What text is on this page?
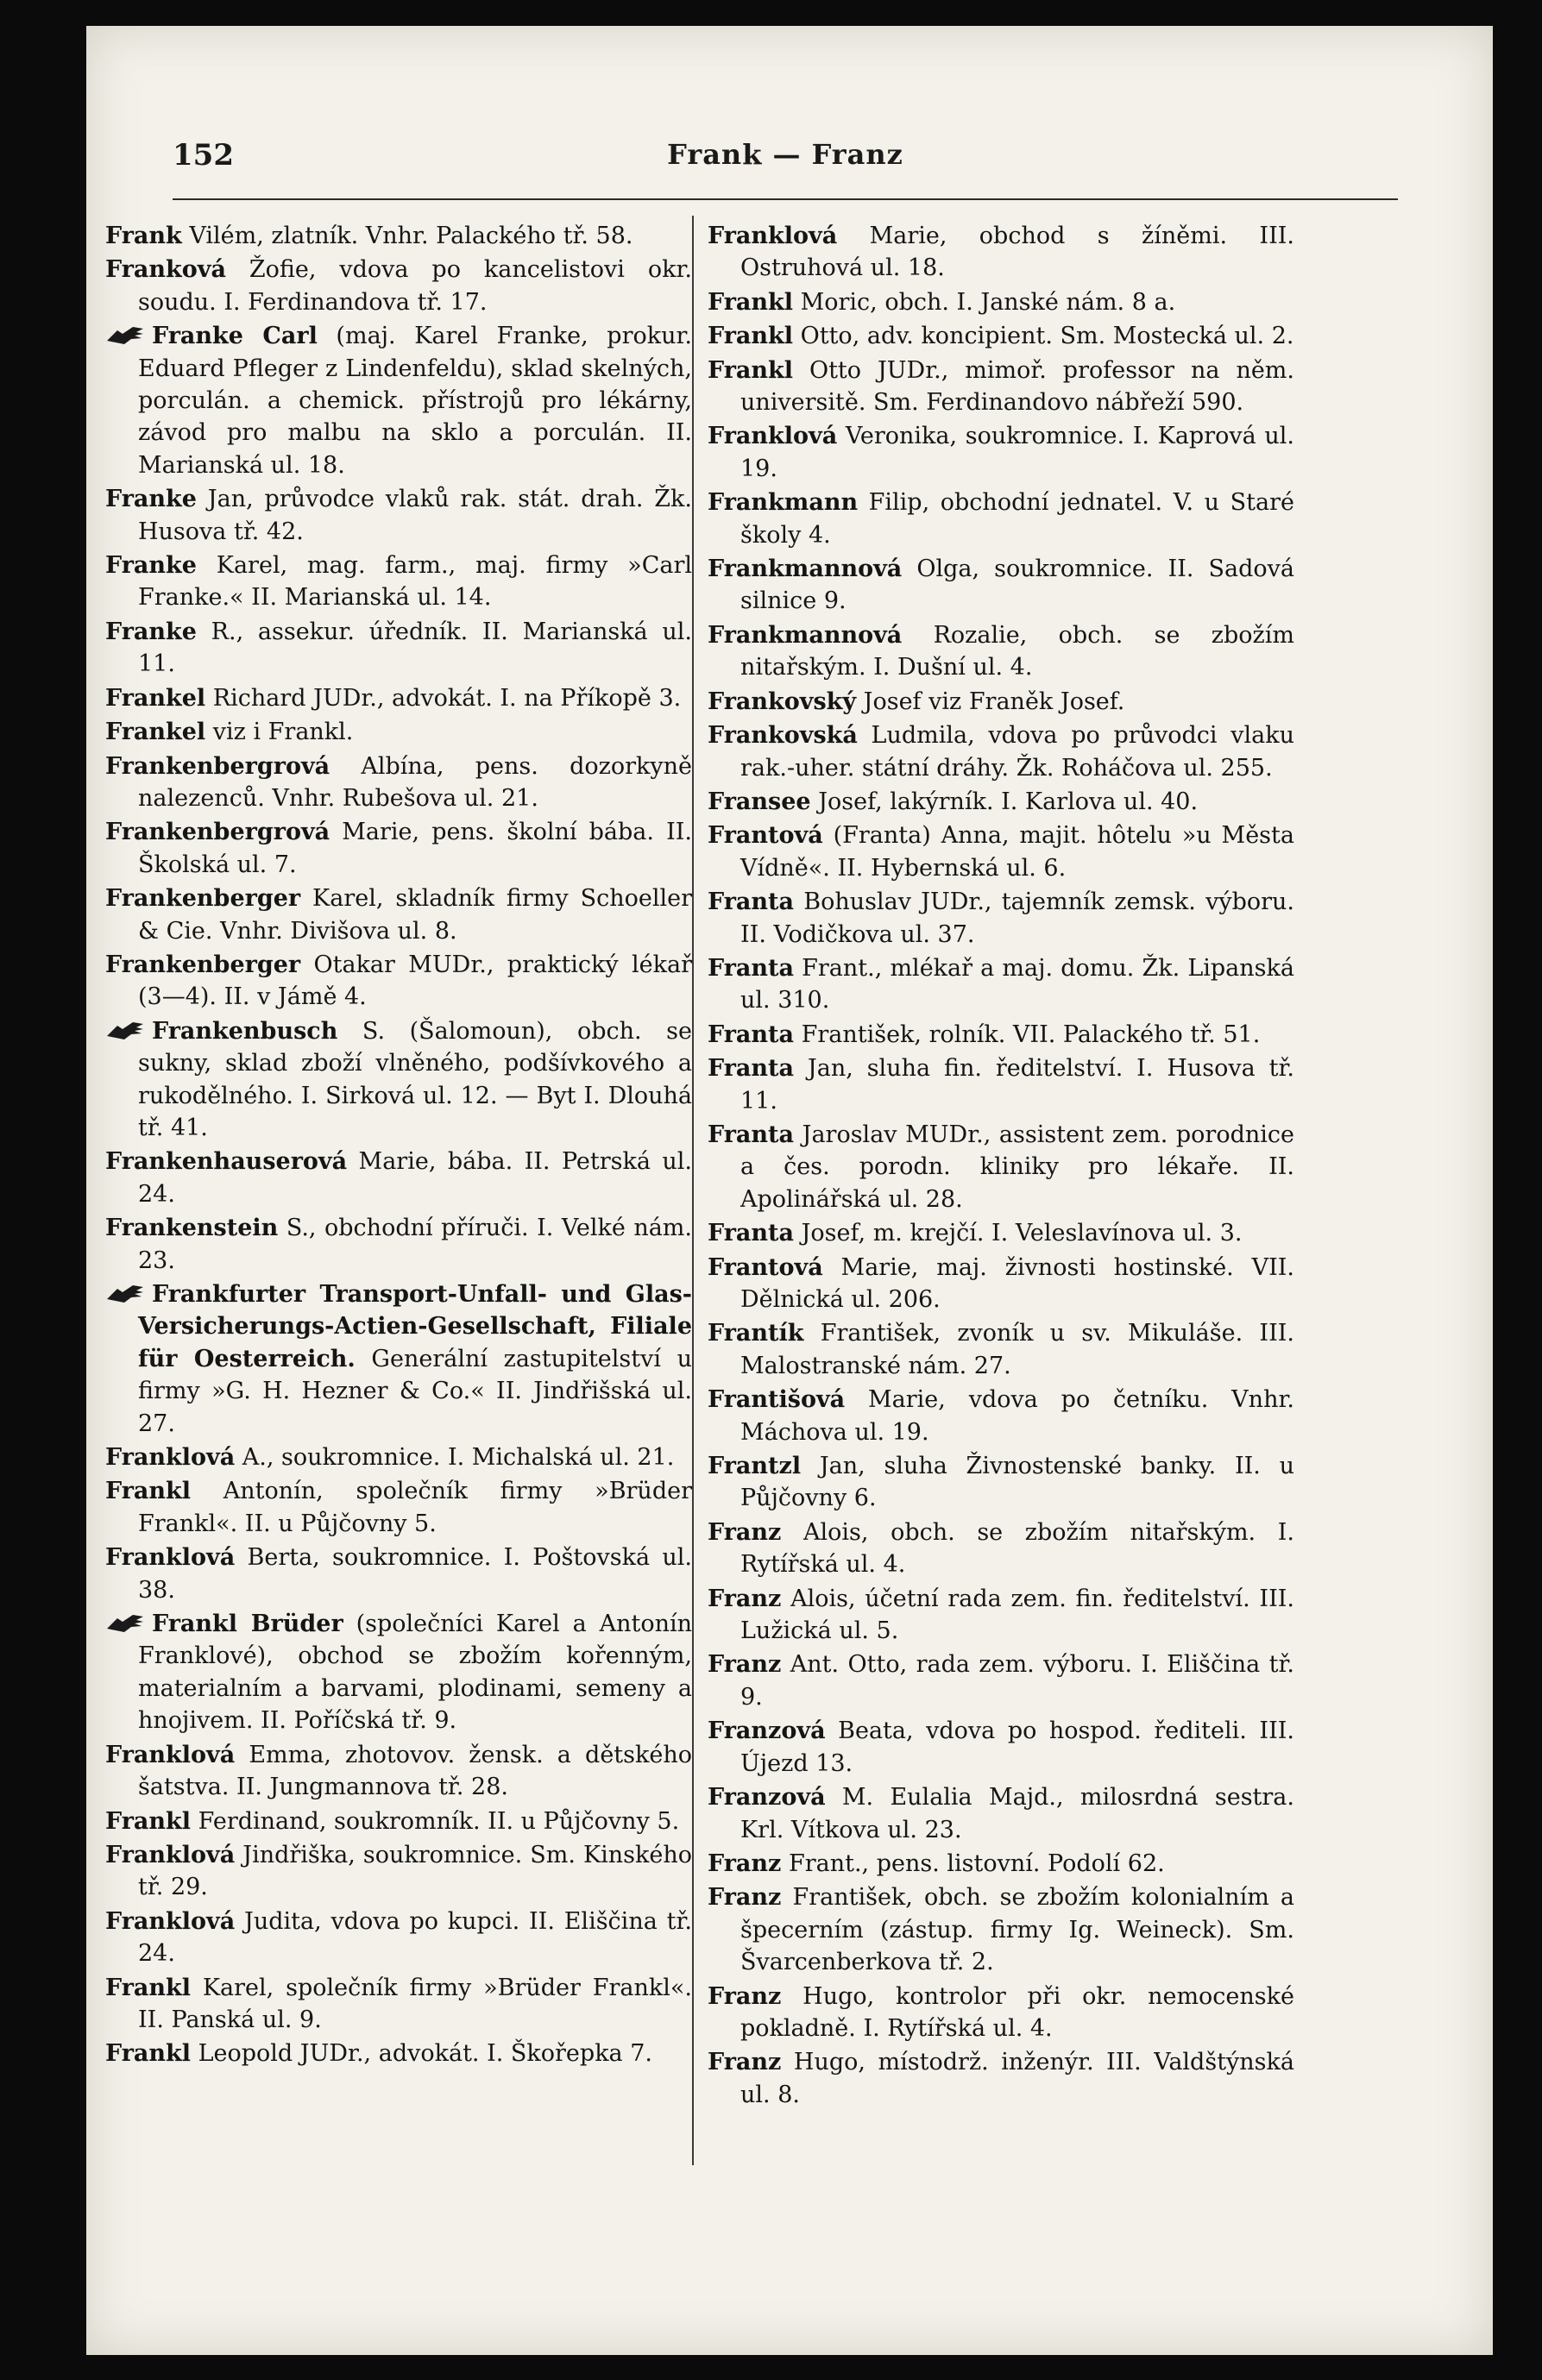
152	Frank — Franz

Frank Vilém, zlatník. Vnhr. Palackého tř. 58.

Franková Žofie, vdova po kancelistovi okr. soudu. I. Ferdinandova tř. 17.

Franke Carl (maj. Karel Franke, prokur. Eduard Pfleger z Lindenfeldu), sklad skelných, porculán. a chemick. přístrojů pro lékárny, závod pro malbu na sklo a porculán. II. Marianská ul. 18.

Franke Jan, průvodce vlaků rak. stát. drah. Žk. Husova tř. 42.

Franke Karel, mag. farm., maj. firmy »Carl Franke.« II. Marianská ul. 14.

Franke R., assekur. úředník. II. Marianská ul. 11.

Frankel Richard JUDr., advokát. I. na Příkopě 3.

Frankel viz i Frankl.

Frankenbergrová Albína, pens. dozorkyně nalezenců. Vnhr. Rubešova ul. 21.

Frankenbergrová Marie, pens. školní bába. II. Školská ul. 7.

Frankenberger Karel, skladník firmy Schoeller & Cie. Vnhr. Divišova ul. 8.

Frankenberger Otakar MUDr., praktický lékař (3—4). II. v Jámě 4.

Frankenbusch S. (Šalomoun), obch. se sukny, sklad zboží vlněného, podšívkového a rukodělného. I. Sirková ul. 12. — Byt I. Dlouhá tř. 41.

Frankenhauserová Marie, bába. II. Petrská ul. 24.

Frankenstein S., obchodní příruči. I. Velké nám. 23.

Frankfurter Transport-Unfall- und Glas-Versicherungs-Actien-Gesellschaft, Filiale für Oesterreich. Generální zastupitelství u firmy »G. H. Hezner & Co.« II. Jindřišská ul. 27.

Franklová A., soukromnice. I. Michalská ul. 21.

Frankl Antonín, společník firmy »Brüder Frankl«. II. u Půjčovny 5.

Franklová Berta, soukromnice. I. Poštovská ul. 38.

Frankl Brüder (společníci Karel a Antonín Franklové), obchod se zbožím kořenným, materialním a barvami, plodinami, semeny a hnojivem. II. Poříčská tř. 9.

Franklová Emma, zhotovov. žensk. a dětského šatstva. II. Jungmannova tř. 28.

Frankl Ferdinand, soukromník. II. u Půjčovny 5.

Franklová Jindřiška, soukromnice. Sm. Kinského tř. 29.

Franklová Judita, vdova po kupci. II. Eliščina tř. 24.

Frankl Karel, společník firmy »Brüder Frankl«. II. Panská ul. 9.

Frankl Leopold JUDr., advokát. I. Škořepka 7.

Franklová Marie, obchod s žíněmi. III. Ostruhová ul. 18.

Frankl Moric, obch. I. Janské nám. 8 a.

Frankl Otto, adv. koncipient. Sm. Mostecká ul. 2.

Frankl Otto JUDr., mimoř. professor na něm. universitě. Sm. Ferdinandovo nábřeží 590.

Franklová Veronika, soukromnice. I. Kaprová ul. 19.

Frankmann Filip, obchodní jednatel. V. u Staré školy 4.

Frankmannová Olga, soukromnice. II. Sadová silnice 9.

Frankmannová Rozalie, obch. se zbožím nitařským. I. Dušní ul. 4.

Frankovský Josef viz Franěk Josef.

Frankovská Ludmila, vdova po průvodci vlaku rak.-uher. státní dráhy. Žk. Roháčova ul. 255.

Fransee Josef, lakýrník. I. Karlova ul. 40.

Frantová (Franta) Anna, majit. hôtelu »u Města Vídně«. II. Hybernská ul. 6.

Franta Bohuslav JUDr., tajemník zemsk. výboru. II. Vodičkova ul. 37.

Franta Frant., mlékař a maj. domu. Žk. Lipanská ul. 310.

Franta František, rolník. VII. Palackého tř. 51.

Franta Jan, sluha fin. ředitelství. I. Husova tř. 11.

Franta Jaroslav MUDr., assistent zem. porodnice a čes. porodn. kliniky pro lékaře. II. Apolinářská ul. 28.

Franta Josef, m. krejčí. I. Veleslavínova ul. 3.

Frantová Marie, maj. živnosti hostinské. VII. Dělnická ul. 206.

Frantík František, zvoník u sv. Mikuláše. III. Malostranské nám. 27.

Františová Marie, vdova po četníku. Vnhr. Máchova ul. 19.

Frantzl Jan, sluha Živnostenské banky. II. u Půjčovny 6.

Franz Alois, obch. se zbožím nitařským. I. Rytířská ul. 4.

Franz Alois, účetní rada zem. fin. ředitelství. III. Lužická ul. 5.

Franz Ant. Otto, rada zem. výboru. I. Eliščina tř. 9.

Franzová Beata, vdova po hospod. řediteli. III. Újezd 13.

Franzová M. Eulalia Majd., milosrdná sestra. Krl. Vítkova ul. 23.

Franz Frant., pens. listovní. Podolí 62.

Franz František, obch. se zbožím kolonialním a špecerním (zástup. firmy Ig. Weineck). Sm. Švarcenberkova tř. 2.

Franz Hugo, kontrolor při okr. nemocenské pokladně. I. Rytířská ul. 4.

Franz Hugo, místodrž. inženýr. III. Valdštýnská ul. 8.
